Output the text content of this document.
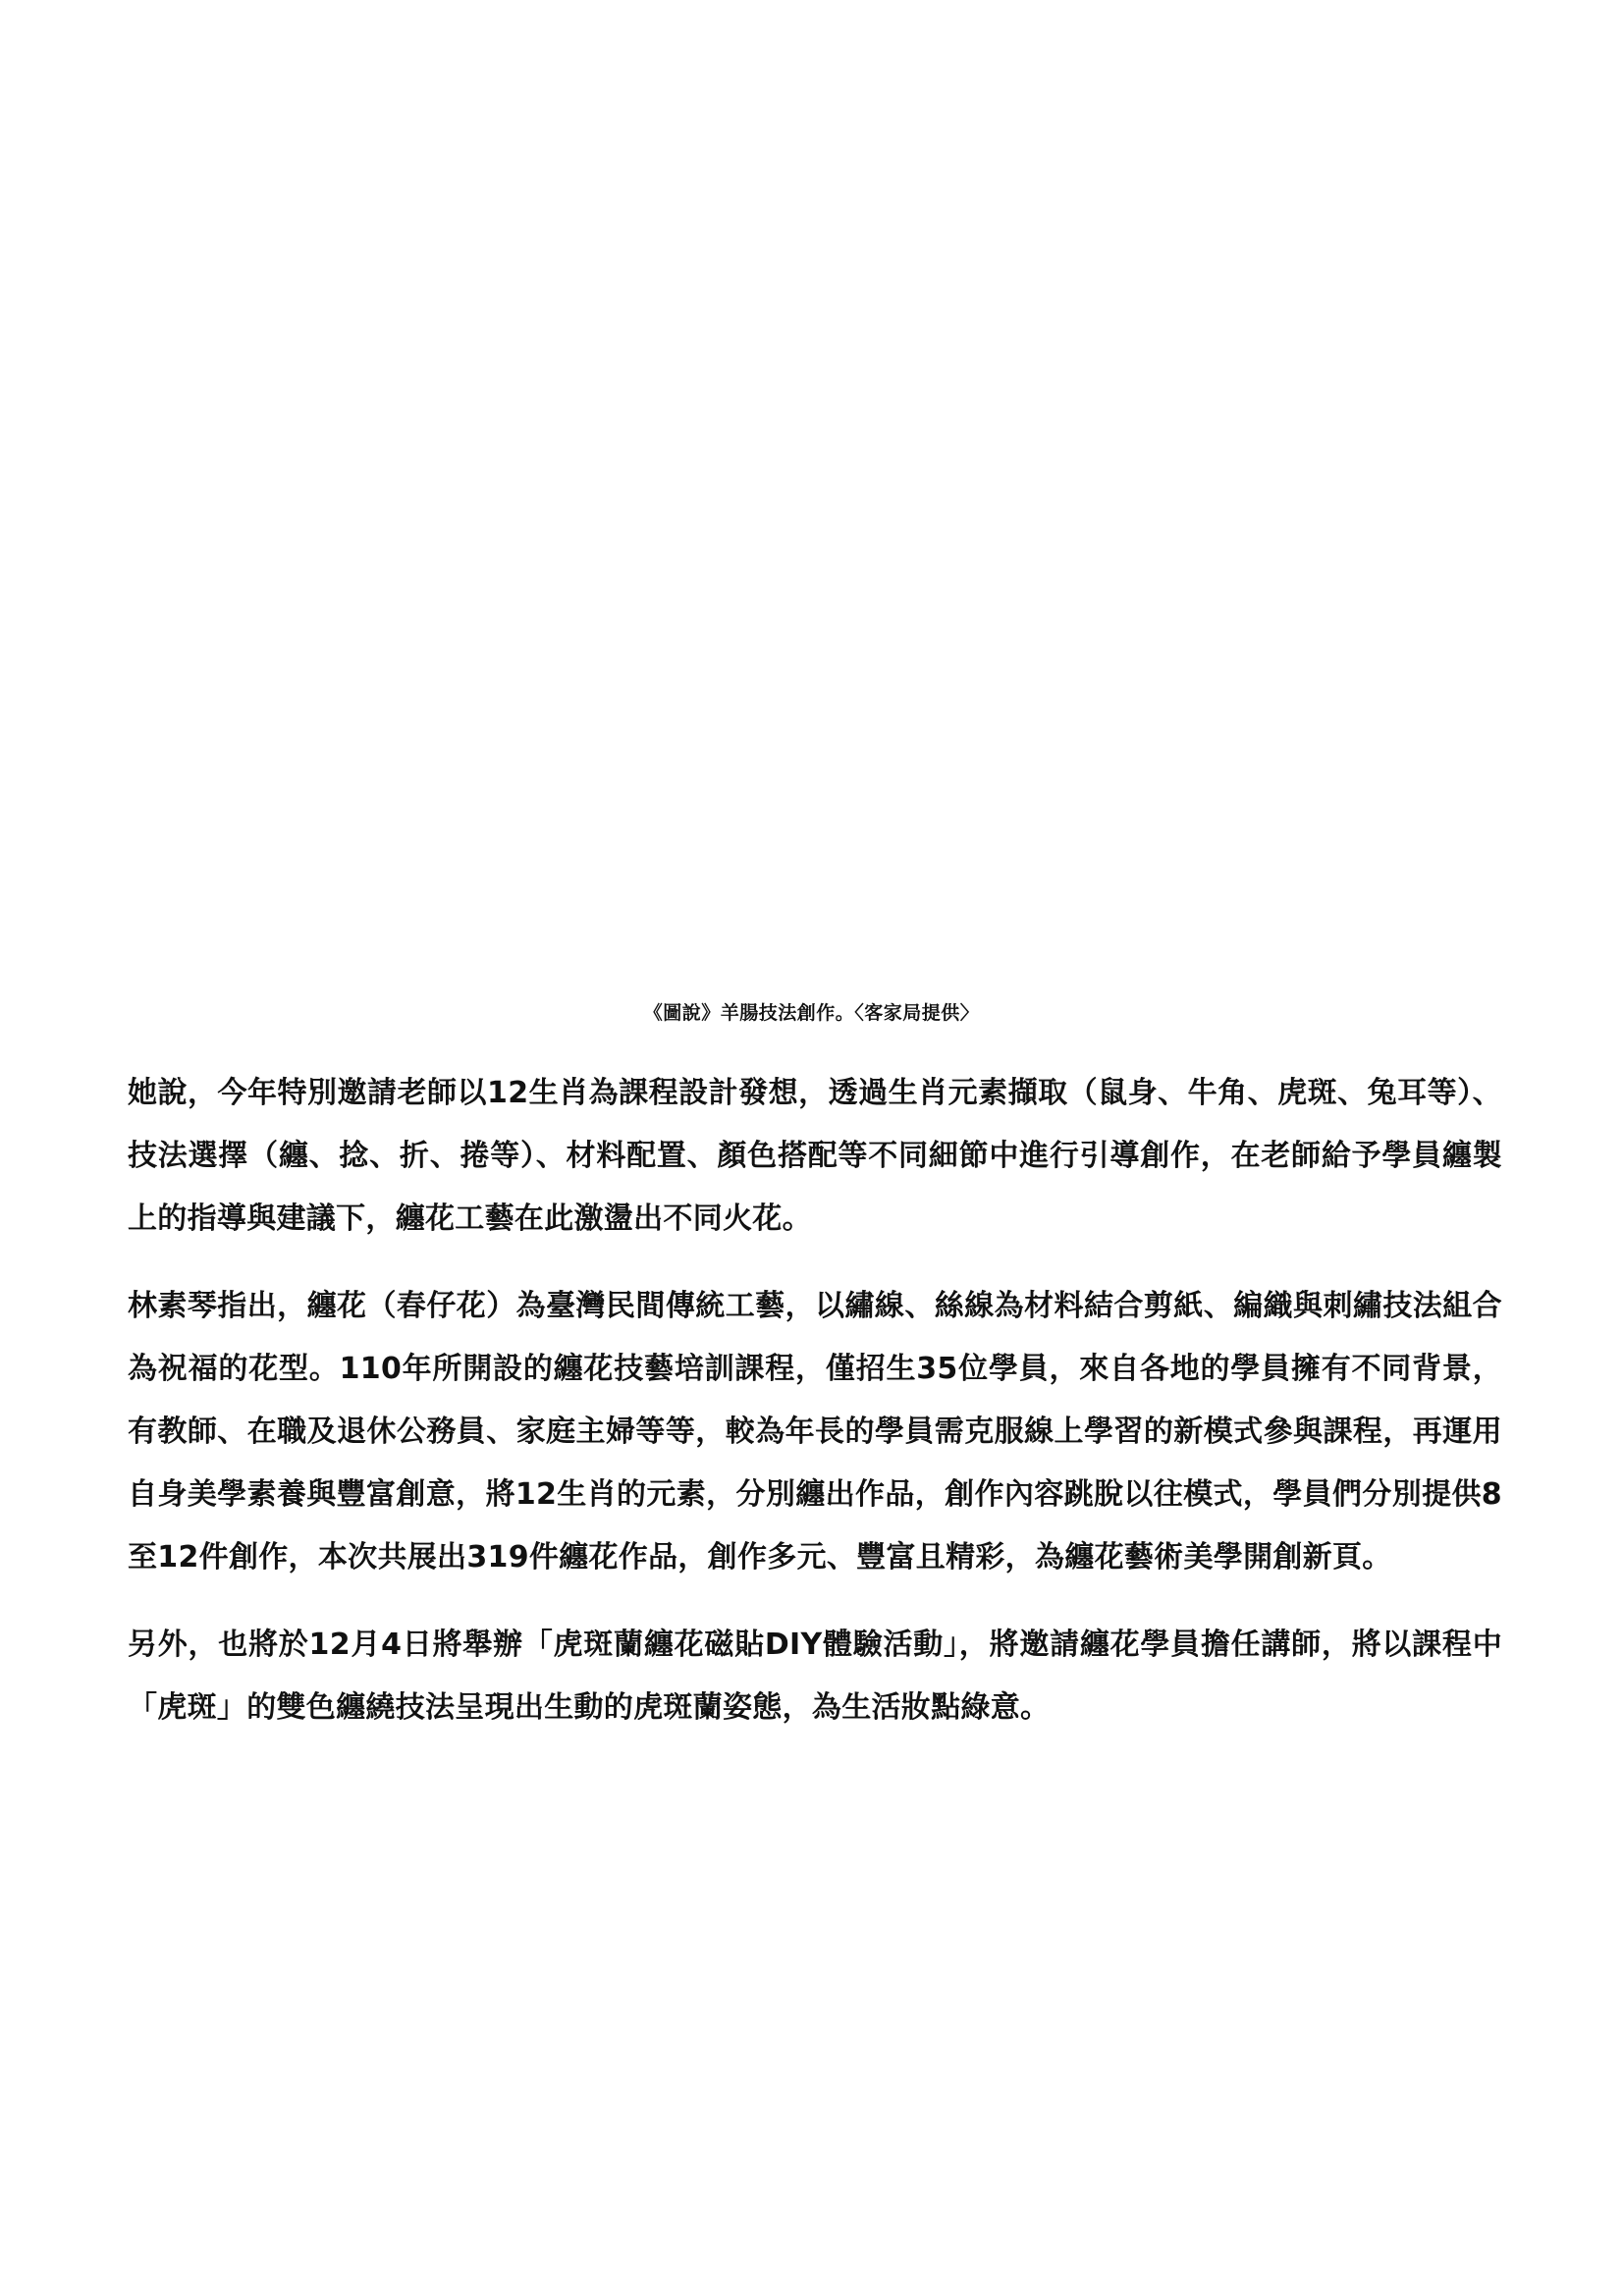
《圖說》羊腸技法創作。〈客家局提供〉

她說，今年特別邀請老師以12生肖為課程設計發想，透過生肖元素擷取（鼠身、牛角、虎斑、兔耳等）、技法選擇（纏、捻、折、捲等）、材料配置、顏色搭配等不同細節中進行引導創作，在老師給予學員纏製上的指導與建議下，纏花工藝在此激盪出不同火花。

林素琴指出，纏花（春仔花）為臺灣民間傳統工藝，以繡線、絲線為材料結合剪紙、編織與刺繡技法組合為祝福的花型。110年所開設的纏花技藝培訓課程，僅招生35位學員，來自各地的學員擁有不同背景，有教師、在職及退休公務員、家庭主婦等等，較為年長的學員需克服線上學習的新模式參與課程，再運用自身美學素養與豐富創意，將12生肖的元素，分別纏出作品，創作內容跳脫以往模式，學員們分別提供8至12件創作，本次共展出319件纏花作品，創作多元、豐富且精彩，為纏花藝術美學開創新頁。

另外，也將於12月4日將舉辦「虎斑蘭纏花磁貼DIY體驗活動」，將邀請纏花學員擔任講師，將以課程中「虎斑」的雙色纏繞技法呈現出生動的虎斑蘭姿態，為生活妝點綠意。
